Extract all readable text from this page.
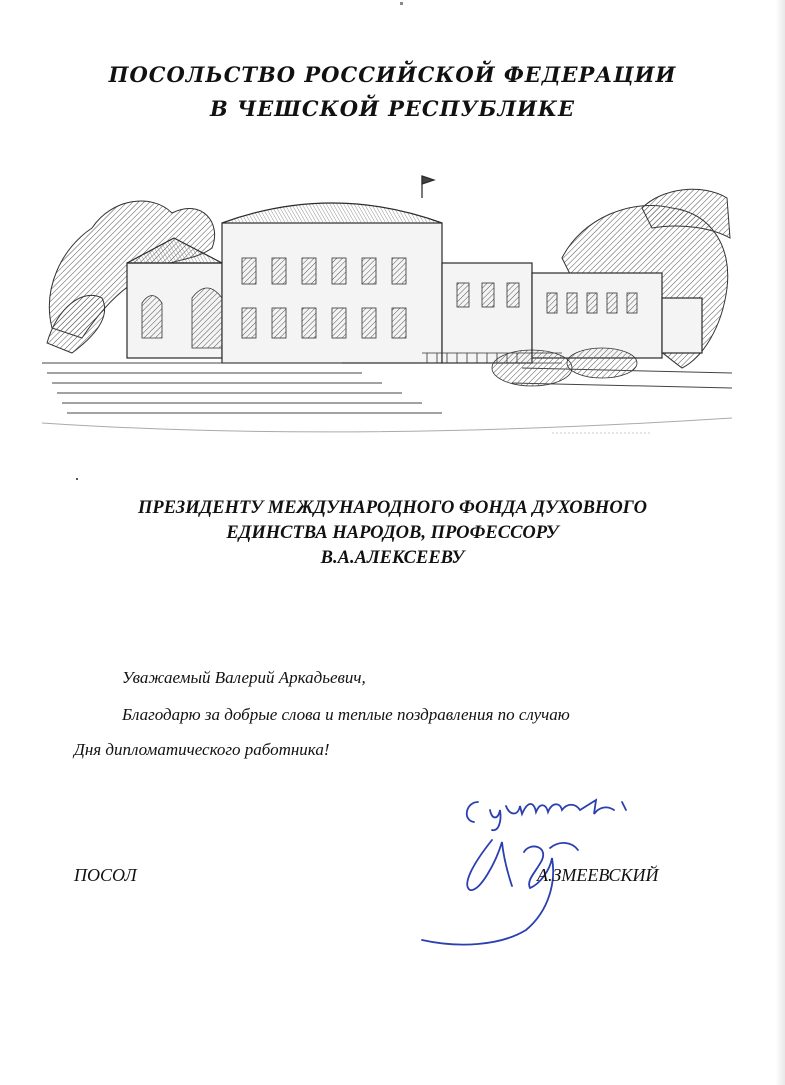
ПОСОЛЬСТВО РОССИЙСКОЙ ФЕДЕРАЦИИ
В ЧЕШСКОЙ РЕСПУБЛИКЕ
ПРЕЗИДЕНТУ МЕЖДУНАРОДНОГО ФОНДА ДУХОВНОГО
ЕДИНСТВА НАРОДОВ, ПРОФЕССОРУ
В.А.АЛЕКСЕЕВУ
Уважаемый Валерий Аркадьевич,
Благодарю за добрые слова и теплые поздравления по случаю
Дня дипломатического работника!
ПОСОЛ	А.ЗМЕЕВСКИЙ
